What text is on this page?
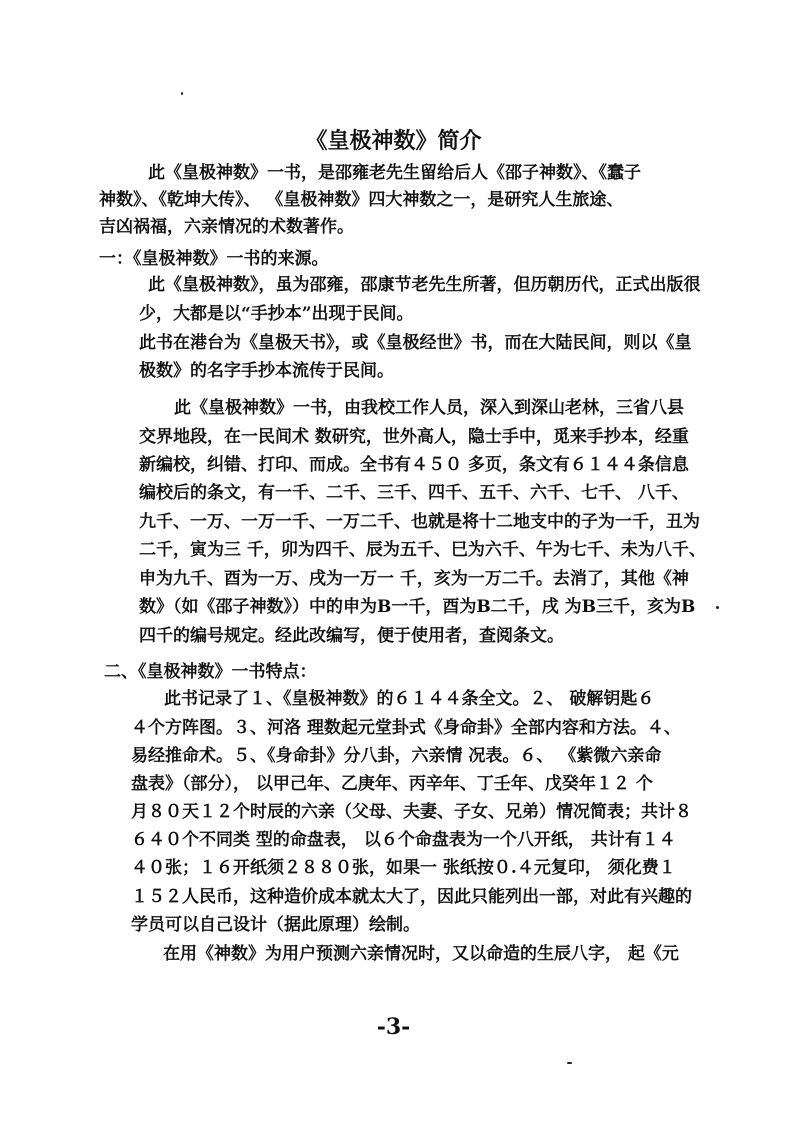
《皇极神数》简介
此《皇极神数》一书，是邵雍老先生留给后人《邵子神数》、《蠢子
神数》、《乾坤大传》、 《皇极神数》四大神数之一，是研究人生旅途、
吉凶祸福，六亲情况的术数著作。
一：《皇极神数》一书的来源。
此《皇极神数》，虽为邵雍，邵康节老先生所著，但历朝历代，正式出版很
少，大都是以“手抄本”出现于民间。
此书在港台为《皇极天书》，或《皇极经世》书，而在大陆民间，则以《皇
极数》的名字手抄本流传于民间。
此《皇极神数》一书，由我校工作人员，深入到深山老林，三省八县
交界地段，在一民间术 数研究，世外高人，隐士手中，觅来手抄本，经重
新编校，纠错、打印、而成。全书有４５０ 多页，条文有６１４４条信息
编校后的条文，有一千、二千、三千、四千、五千、六千、七千、 八千、
九千、一万、一万一千、一万二千、也就是将十二地支中的子为一千，丑为
二千，寅为三 千，卯为四千、辰为五千、巳为六千、午为七千、未为八千、
申为九千、酉为一万、戌为一万一 千，亥为一万二千。去消了，其他《神
数》（如《邵子神数》）中的申为B一千，酉为B二千，戌 为B三千，亥为B
四千的编号规定。经此改编写，便于使用者，查阅条文。
二、《皇极神数》一书特点：
此书记录了１、《皇极神数》的６１４４条全文。２、 破解钥匙６
４个方阵图。３、河洛 理数起元堂卦式《身命卦》全部内容和方法。４、
易经推命术。５、《身命卦》分八卦，六亲情 况表。６、 《紫微六亲命
盘表》（部分）， 以甲己年、乙庚年、丙辛年、丁壬年、戊癸年１２ 个
月８０天１２个时辰的六亲（父母、夫妻、子女、兄弟）情况简表；共计８
６４０个不同类 型的命盘表， 以６个命盘表为一个八开纸， 共计有１４
４０张；１６开纸须２８８０张，如果一 张纸按０.４元复印， 须化费１
１５２人民币，这种造价成本就太大了，因此只能列出一部，对此有兴趣的
学员可以自己设计（据此原理）绘制。
在用《神数》为用户预测六亲情况时，又以命造的生辰八字， 起《元
-3-
